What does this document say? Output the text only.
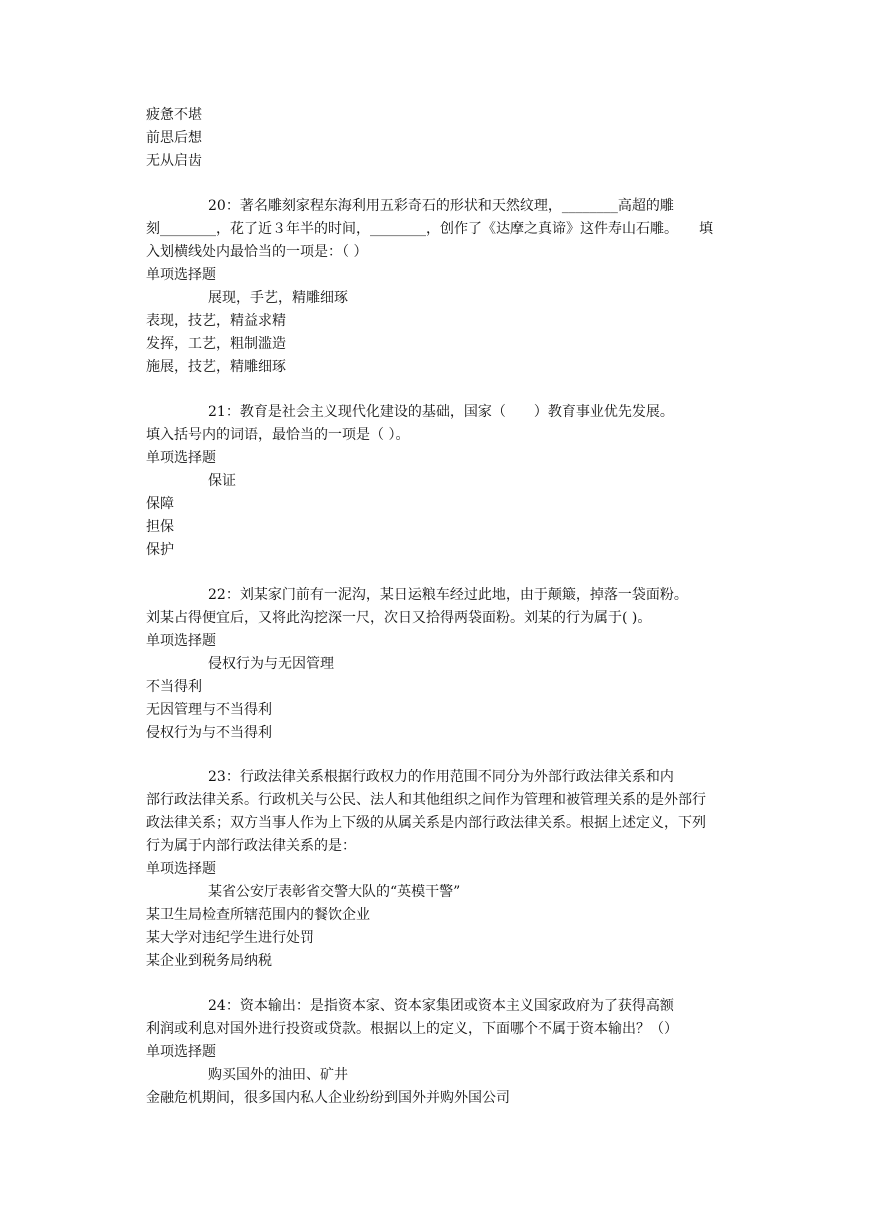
疲惫不堪
前思后想
无从启齿
20：著名雕刻家程东海利用五彩奇石的形状和天然纹理，________高超的雕
刻________，花了近３年半的时间，________，创作了《达摩之真谛》这件寿山石雕。　　填
入划横线处内最恰当的一项是：（ ）
单项选择题
展现，手艺，精雕细琢
表现，技艺，精益求精
发挥，工艺，粗制滥造
施展，技艺，精雕细琢
21：教育是社会主义现代化建设的基础，国家（　　）教育事业优先发展。
填入括号内的词语，最恰当的一项是（ ）。
单项选择题
保证
保障
担保
保护
22：刘某家门前有一泥沟，某日运粮车经过此地，由于颠簸，掉落一袋面粉。
刘某占得便宜后，又将此沟挖深一尺，次日又拾得两袋面粉。刘某的行为属于( )。
单项选择题
侵权行为与无因管理
不当得利
无因管理与不当得利
侵权行为与不当得利
23：行政法律关系根据行政权力的作用范围不同分为外部行政法律关系和内
部行政法律关系。行政机关与公民、法人和其他组织之间作为管理和被管理关系的是外部行
政法律关系；双方当事人作为上下级的从属关系是内部行政法律关系。根据上述定义，下列
行为属于内部行政法律关系的是：
单项选择题
某省公安厅表彰省交警大队的“英模干警”
某卫生局检查所辖范围内的餐饮企业
某大学对违纪学生进行处罚
某企业到税务局纳税
24：资本输出：是指资本家、资本家集团或资本主义国家政府为了获得高额
利润或利息对国外进行投资或贷款。根据以上的定义，下面哪个不属于资本输出？（）
单项选择题
购买国外的油田、矿井
金融危机期间，很多国内私人企业纷纷到国外并购外国公司
